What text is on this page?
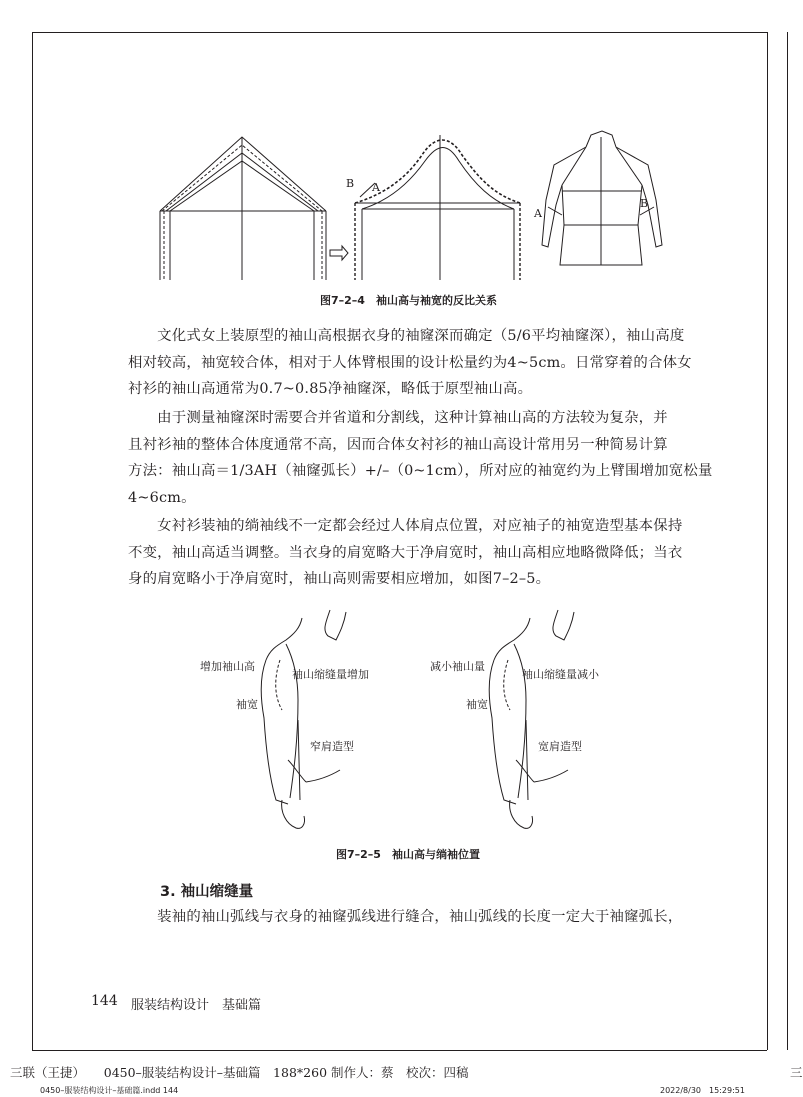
B A
A
B
图7–2–4　袖山高与袖宽的反比关系

　　文化式女上装原型的袖山高根据衣身的袖窿深而确定（5/6平均袖窿深），袖山高度
相对较高，袖宽较合体，相对于人体臂根围的设计松量约为4~5cm。日常穿着的合体女
衬衫的袖山高通常为0.7~0.85净袖窿深，略低于原型袖山高。

　　由于测量袖窿深时需要合并省道和分割线，这种计算袖山高的方法较为复杂，并
且衬衫袖的整体合体度通常不高，因而合体女衬衫的袖山高设计常用另一种简易计算
方法：袖山高＝1/3AH（袖窿弧长）+/–（0~1cm），所对应的袖宽约为上臂围增加宽松量
4~6cm。

　　女衬衫装袖的绱袖线不一定都会经过人体肩点位置，对应袖子的袖宽造型基本保持
不变，袖山高适当调整。当衣身的肩宽略大于净肩宽时，袖山高相应地略微降低；当衣
身的肩宽略小于净肩宽时，袖山高则需要相应增加，如图7–2–5。

增加袖山高
袖山缩缝量增加
袖宽
窄肩造型
减小袖山量
袖山缩缝量减小
袖宽
宽肩造型
图7–2–5　袖山高与绱袖位置
3. 袖山缩缝量

　　装袖的袖山弧线与衣身的袖窿弧线进行缝合，袖山弧线的长度一定大于袖窿弧长，

144 服装结构设计　基础篇
三联（王捷）　　0450–服装结构设计–基础篇　188*260 制作人：蔡　校次：四稿	三
0450–服装结构设计–基础篇.indd 144	2022/8/30　15:29:51
